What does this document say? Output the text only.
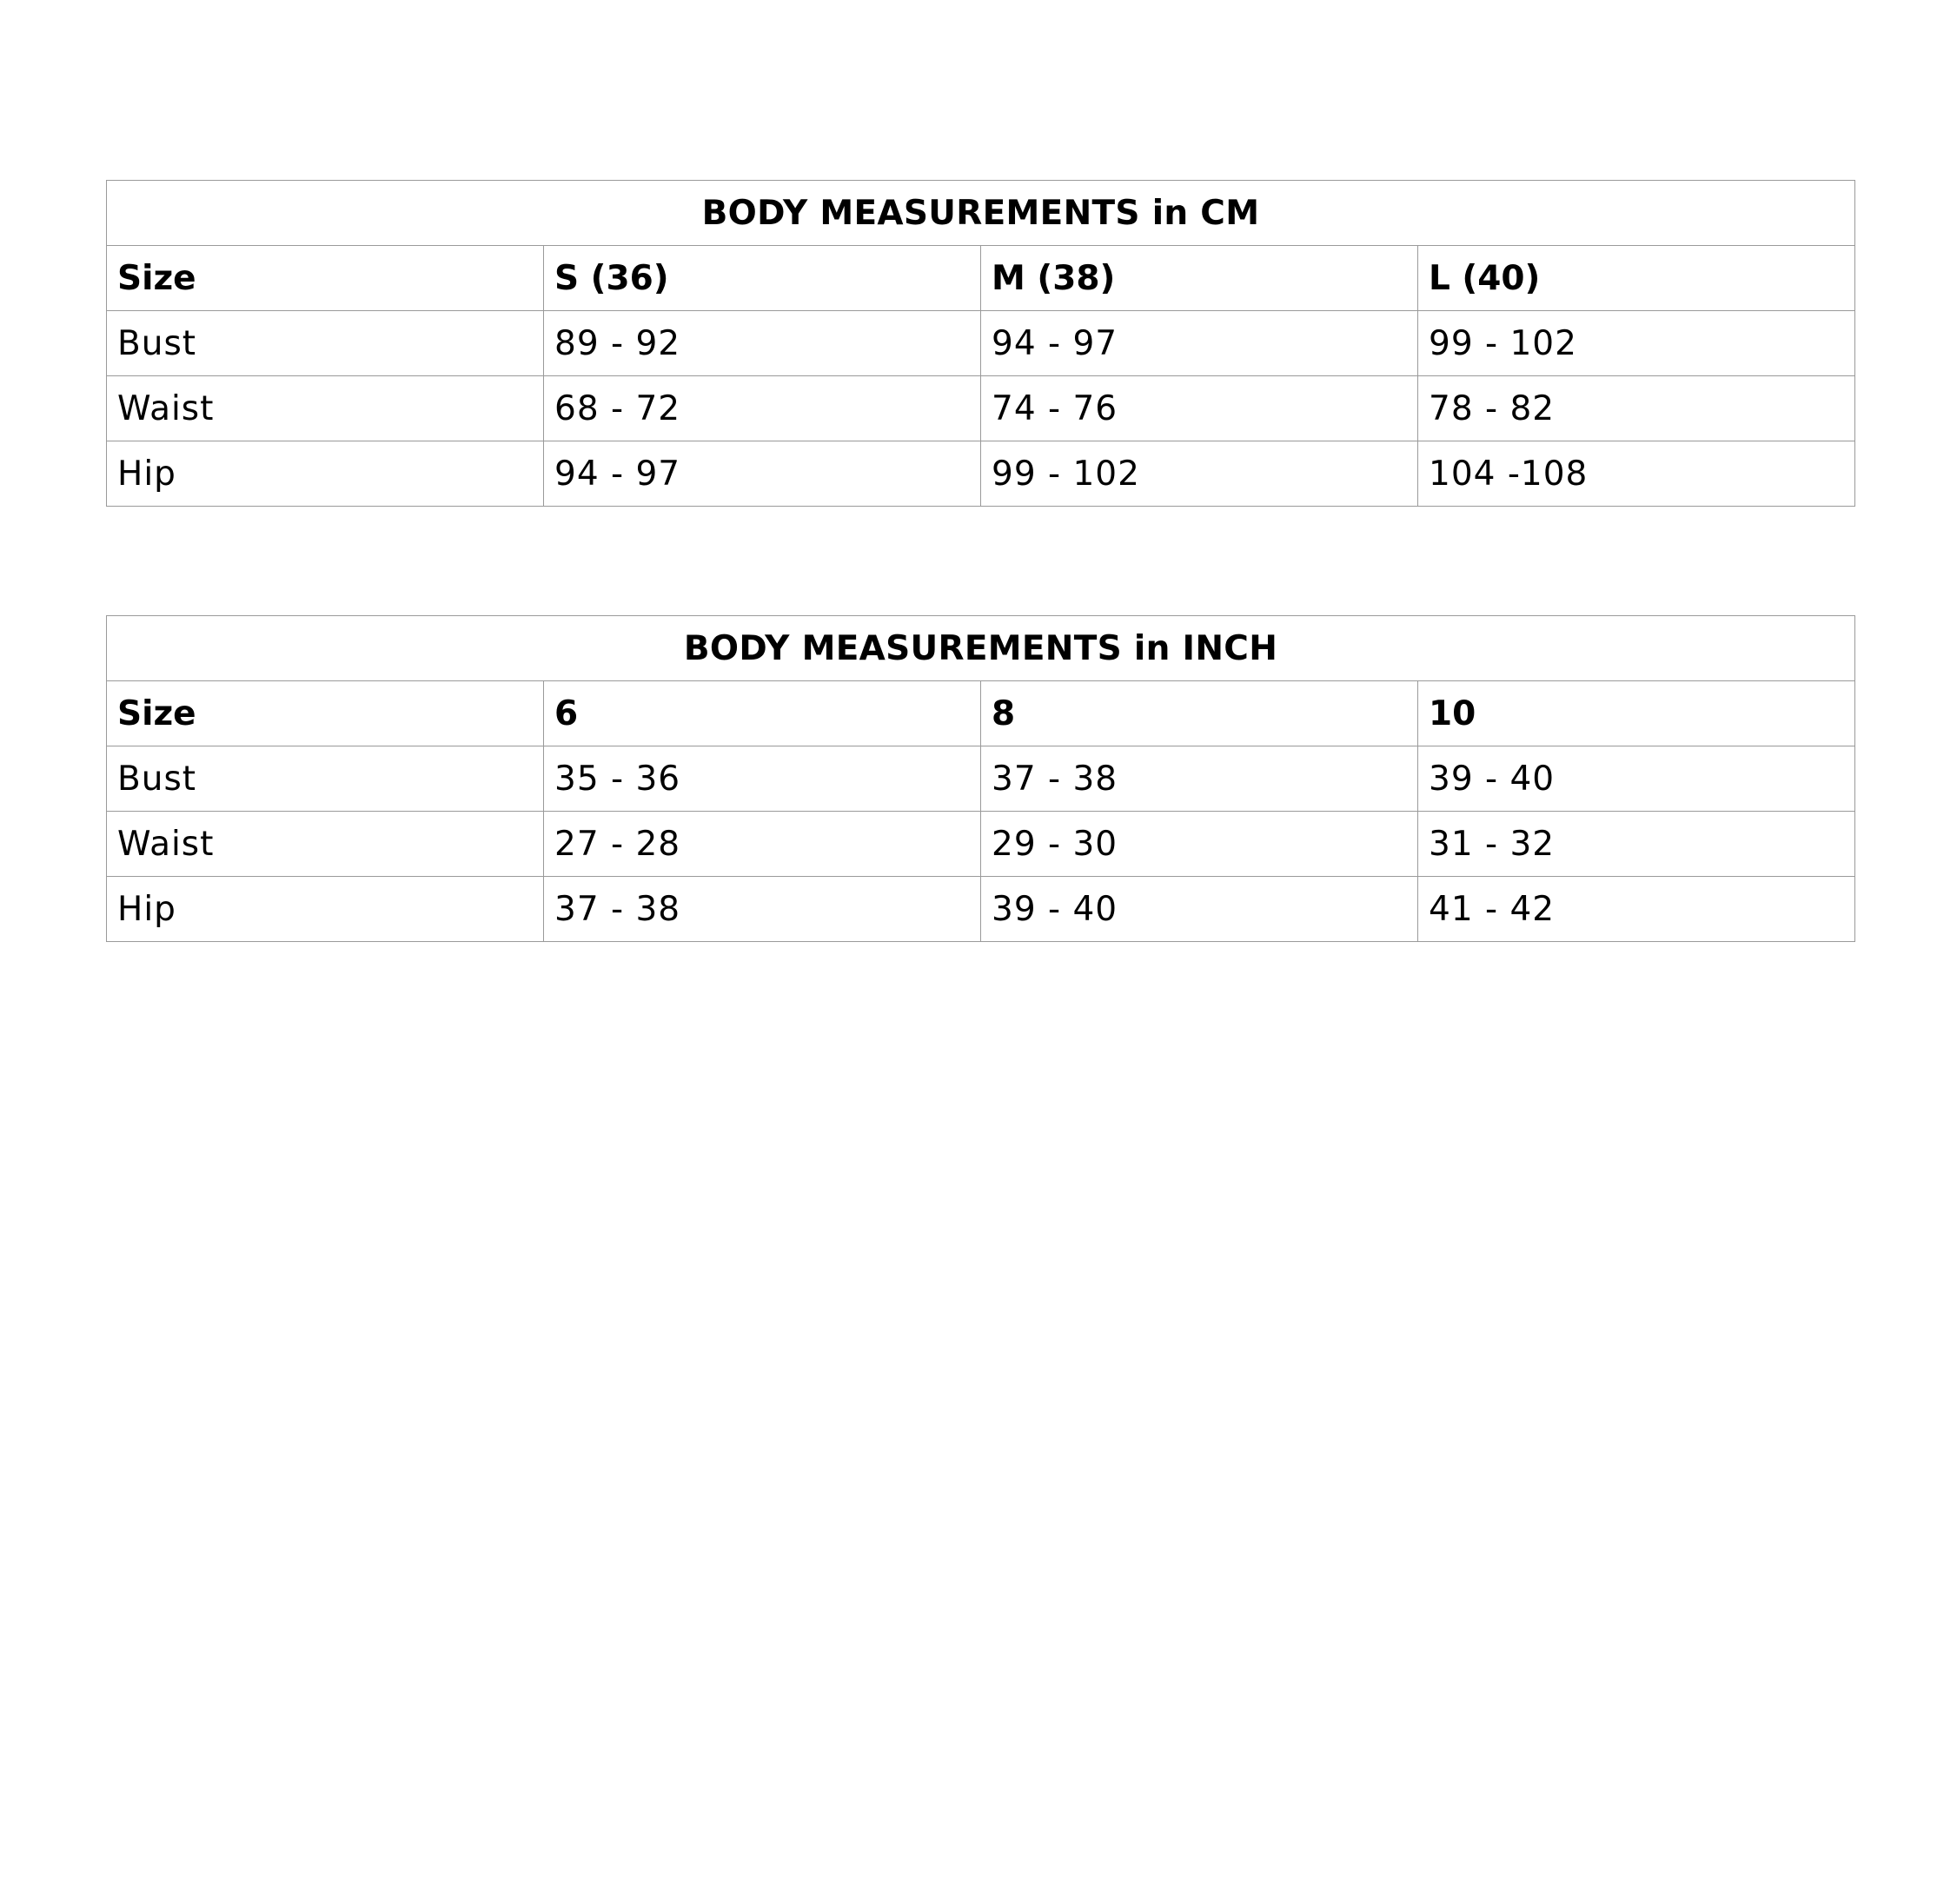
BODY MEASUREMENTS in CM			
Size	S (36)	M (38)	L (40)
Bust	89 - 92	94 - 97	99 - 102
Waist	68 - 72	74 - 76	78 - 82
Hip	94 - 97	99 - 102	104 -108
BODY MEASUREMENTS in INCH			
Size	6	8	10
Bust	35 - 36	37 - 38	39 - 40
Waist	27 - 28	29 - 30	31 - 32
Hip	37 - 38	39 - 40	41 - 42
